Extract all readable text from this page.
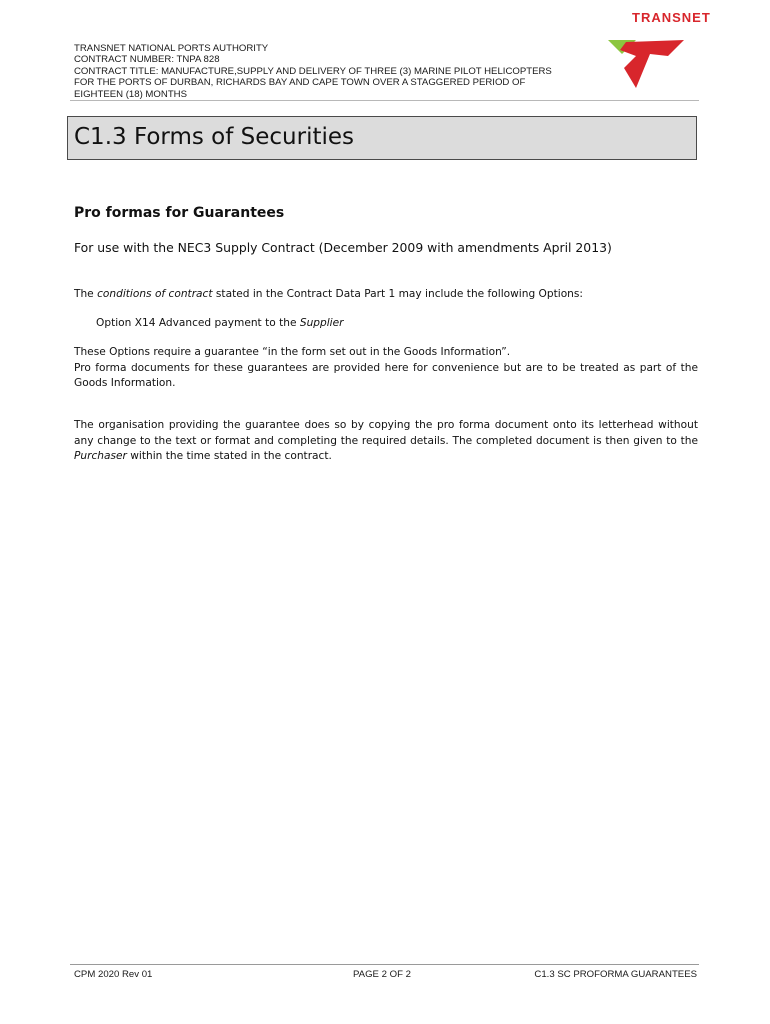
TRANSNET NATIONAL PORTS AUTHORITY
CONTRACT NUMBER: TNPA 828
CONTRACT TITLE: MANUFACTURE,SUPPLY AND DELIVERY OF THREE (3) MARINE PILOT HELICOPTERS
FOR THE PORTS OF DURBAN, RICHARDS BAY AND CAPE TOWN OVER A STAGGERED PERIOD OF
EIGHTEEN (18) MONTHS
TRANSNET
C1.3 Forms of Securities
Pro formas for Guarantees
For use with the NEC3 Supply Contract (December 2009 with amendments April 2013)
The conditions of contract stated in the Contract Data Part 1 may include the following Options:
Option X14 Advanced payment to the Supplier
These Options require a guarantee “in the form set out in the Goods Information”.
Pro forma documents for these guarantees are provided here for convenience but are to be treated as part of the Goods Information.
The organisation providing the guarantee does so by copying the pro forma document onto its letterhead without any change to the text or format and completing the required details. The completed document is then given to the Purchaser within the time stated in the contract.
CPM 2020 Rev 01	PAGE 2 OF 2	C1.3 SC PROFORMA GUARANTEES
